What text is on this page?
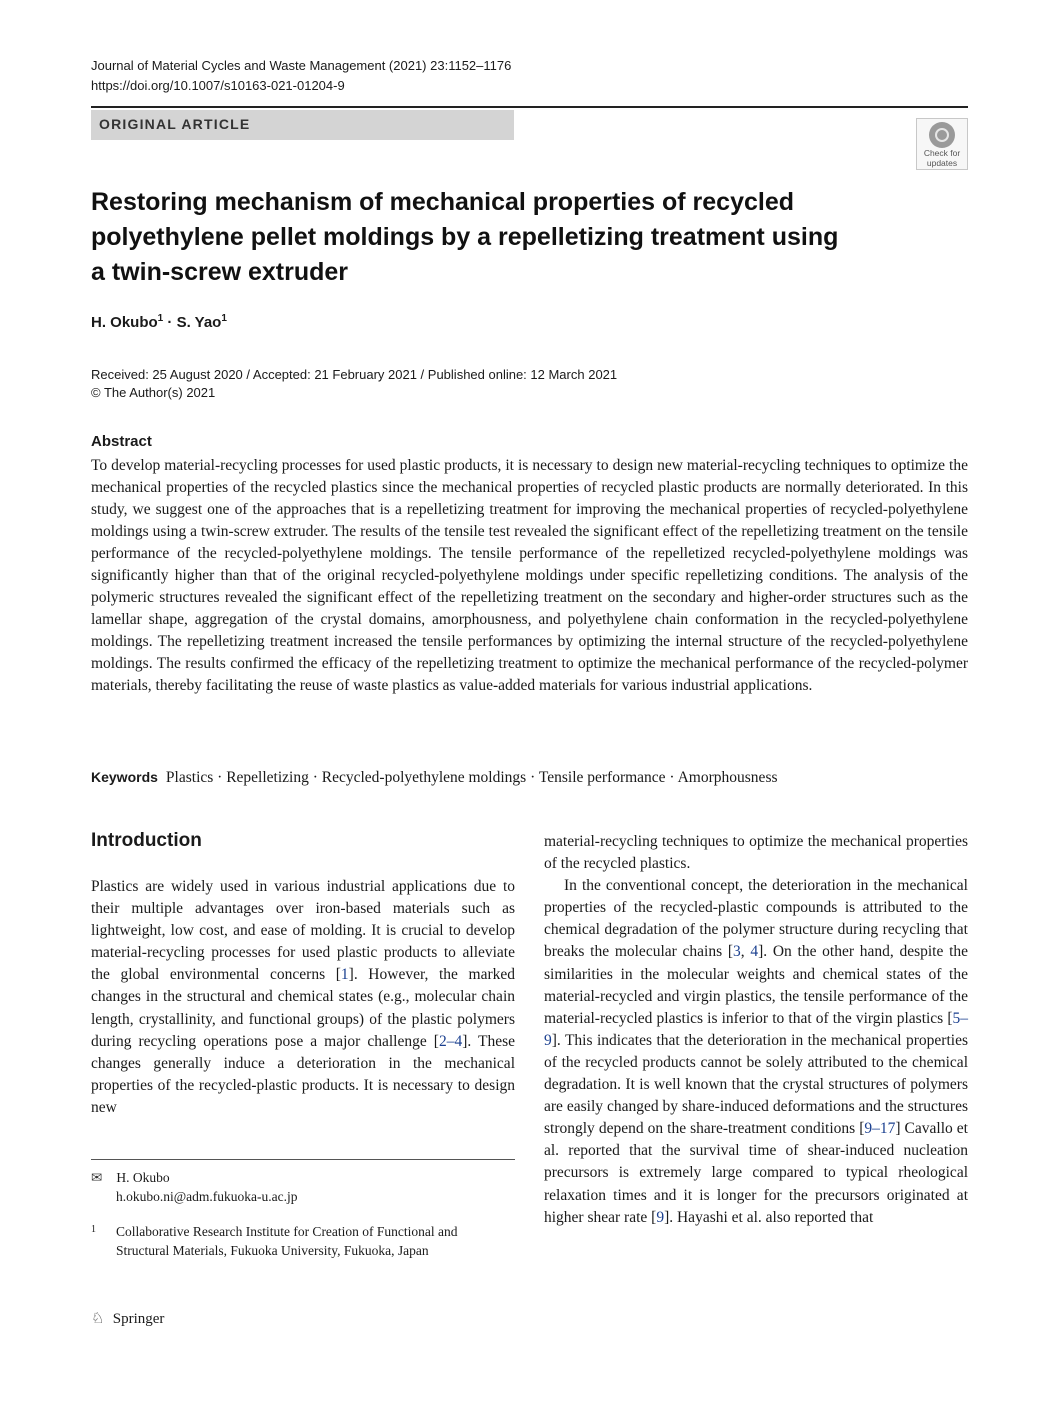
Journal of Material Cycles and Waste Management (2021) 23:1152–1176
https://doi.org/10.1007/s10163-021-01204-9
ORIGINAL ARTICLE
Check for
updates
Restoring mechanism of mechanical properties of recycled polyethylene pellet moldings by a repelletizing treatment using a twin-screw extruder
H. Okubo$^1$ · S. Yao$^1$
Received: 25 August 2020 / Accepted: 21 February 2021 / Published online: 12 March 2021
© The Author(s) 2021
Abstract
To develop material-recycling processes for used plastic products, it is necessary to design new material-recycling techniques to optimize the mechanical properties of the recycled plastics since the mechanical properties of recycled plastic products are normally deteriorated. In this study, we suggest one of the approaches that is a repelletizing treatment for improving the mechanical properties of recycled-polyethylene moldings using a twin-screw extruder. The results of the tensile test revealed the significant effect of the repelletizing treatment on the tensile performance of the recycled-polyethylene moldings. The tensile performance of the repelletized recycled-polyethylene moldings was significantly higher than that of the original recycled-polyethylene moldings under specific repelletizing conditions. The analysis of the polymeric structures revealed the significant effect of the repelletizing treatment on the secondary and higher-order structures such as the lamellar shape, aggregation of the crystal domains, amorphousness, and polyethylene chain conformation in the recycled-polyethylene moldings. The repelletizing treatment increased the tensile performances by optimizing the internal structure of the recycled-polyethylene moldings. The results confirmed the efficacy of the repelletizing treatment to optimize the mechanical performance of the recycled-polymer materials, thereby facilitating the reuse of waste plastics as value-added materials for various industrial applications.
Keywords Plastics · Repelletizing · Recycled-polyethylene moldings · Tensile performance · Amorphousness
Introduction

Plastics are widely used in various industrial applications due to their multiple advantages over iron-based materials such as lightweight, low cost, and ease of molding. It is crucial to develop material-recycling processes for used plastic products to alleviate the global environmental concerns [1]. However, the marked changes in the structural and chemical states (e.g., molecular chain length, crystallinity, and functional groups) of the plastic polymers during recycling operations pose a major challenge [2–4]. These changes generally induce a deterioration in the mechanical properties of the recycled-plastic products. It is necessary to design new

material-recycling techniques to optimize the mechanical properties of the recycled plastics.

In the conventional concept, the deterioration in the mechanical properties of the recycled-plastic compounds is attributed to the chemical degradation of the polymer structure during recycling that breaks the molecular chains [3, 4]. On the other hand, despite the similarities in the molecular weights and chemical states of the material-recycled and virgin plastics, the tensile performance of the material-recycled plastics is inferior to that of the virgin plastics [5–9]. This indicates that the deterioration in the mechanical properties of the recycled products cannot be solely attributed to the chemical degradation. It is well known that the crystal structures of polymers are easily changed by share-induced deformations and the structures strongly depend on the share-treatment conditions [9–17] Cavallo et al. reported that the survival time of shear-induced nucleation precursors is extremely large compared to typical rheological relaxation times and it is longer for the precursors originated at higher shear rate [9]. Hayashi et al. also reported that

✉ H. Okubo
h.okubo.ni@adm.fukuoka-u.ac.jp
1 Collaborative Research Institute for Creation of Functional and Structural Materials, Fukuoka University, Fukuoka, Japan
♘ Springer
